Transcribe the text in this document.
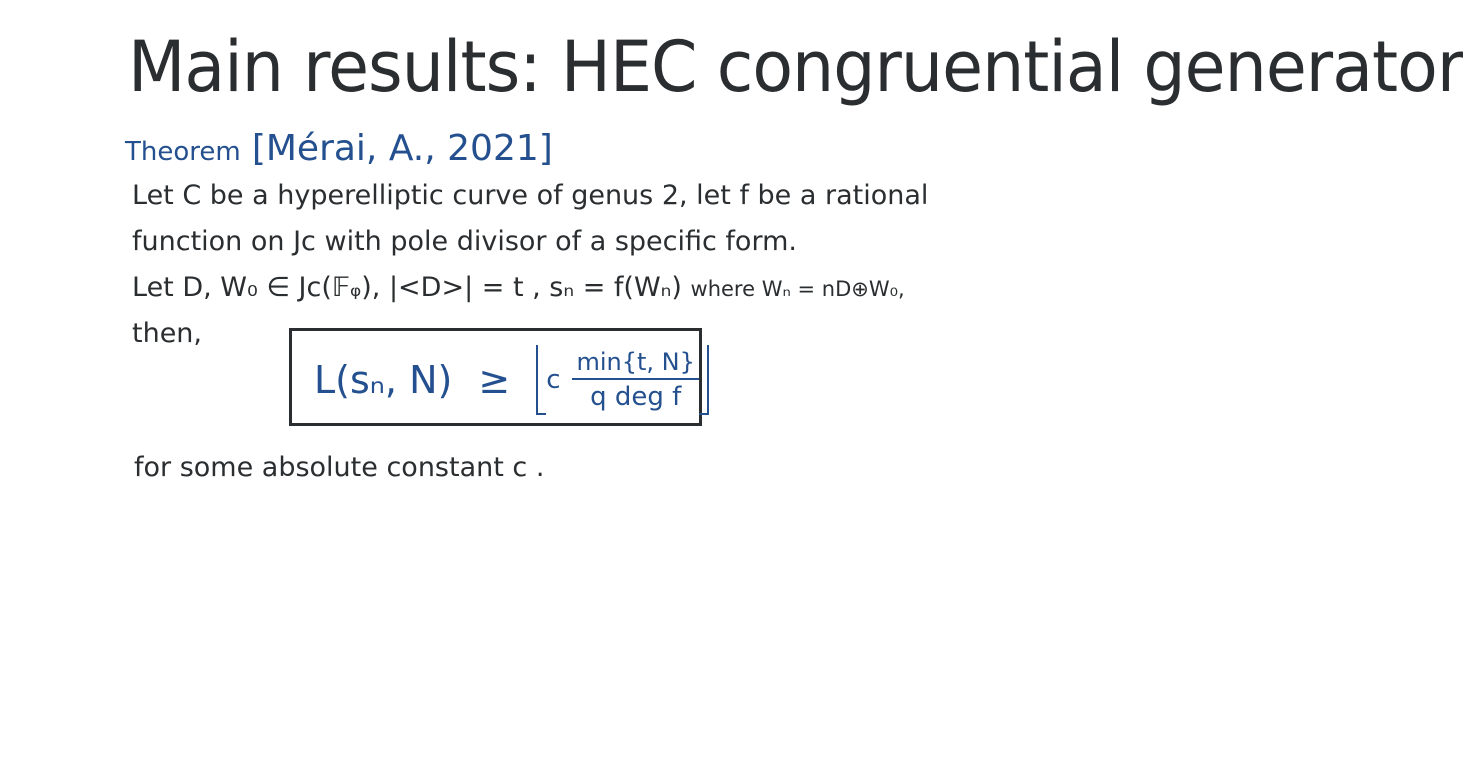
Main results: HEC congruential generator
Theorem [Mérai, A., 2021]
Let C be a hyperelliptic curve of genus 2, let f be a rational
function on Jᴄ with pole divisor of a specific form.
Let D, W₀ ∈ Jᴄ(𝔽ᵩ), |<D>| = t , sₙ = f(Wₙ) where Wₙ = nD⊕W₀,
then,
L(sₙ, N) ≥ c $\frac{\min\{t, N\}}{\text{q deg f}}$
for some absolute constant c .
